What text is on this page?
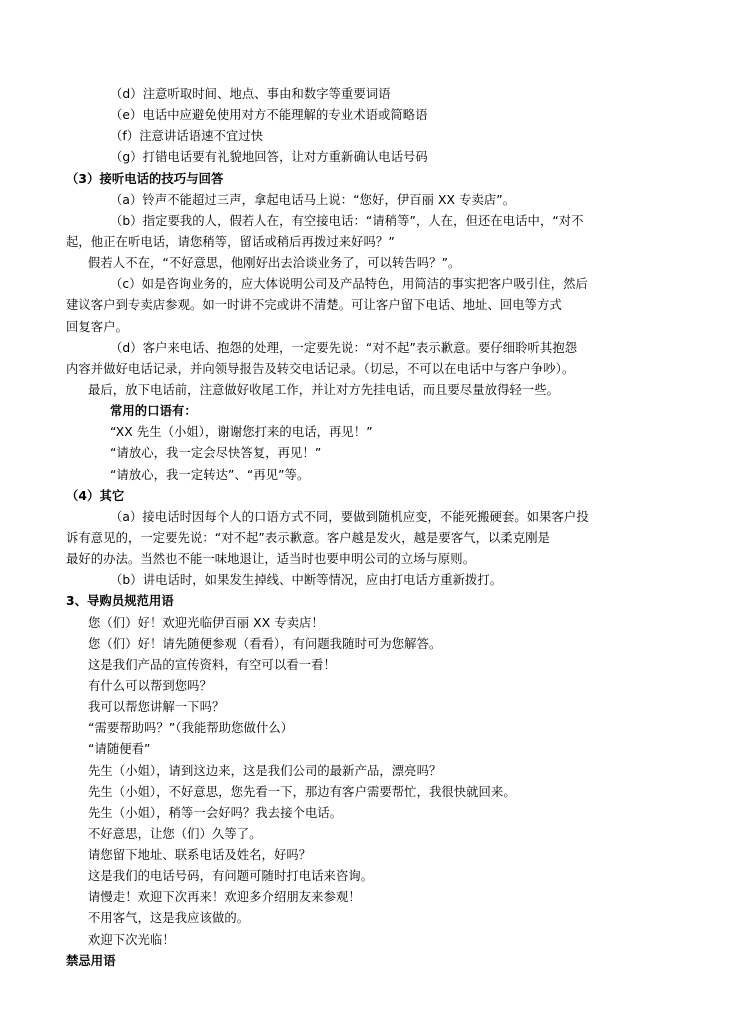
（d）注意听取时间、地点、事由和数字等重要词语
（e）电话中应避免使用对方不能理解的专业术语或简略语
（f）注意讲话语速不宜过快
（g）打错电话要有礼貌地回答，让对方重新确认电话号码
（3）接听电话的技巧与回答
（a）铃声不能超过三声，拿起电话马上说：“您好，伊百丽 XX 专卖店”。
（b）指定要我的人，假若人在，有空接电话：“请稍等”，人在，但还在电话中，“对不
起，他正在听电话，请您稍等，留话或稍后再拨过来好吗？”
假若人不在，“不好意思，他刚好出去洽谈业务了，可以转告吗？”。
（c）如是咨询业务的，应大体说明公司及产品特色，用简洁的事实把客户吸引住，然后
建议客户到专卖店参观。如一时讲不完或讲不清楚。可让客户留下电话、地址、回电等方式
回复客户。
（d）客户来电话、抱怨的处理，一定要先说：“对不起”表示歉意。要仔细聆听其抱怨
内容并做好电话记录，并向领导报告及转交电话记录。（切忌，不可以在电话中与客户争吵）。
最后，放下电话前，注意做好收尾工作，并让对方先挂电话，而且要尽量放得轻一些。
常用的口语有：
“XX 先生（小姐），谢谢您打来的电话，再见！”
“请放心，我一定会尽快答复，再见！”
“请放心，我一定转达”、“再见”等。
（4）其它
（a）接电话时因每个人的口语方式不同，要做到随机应变，不能死搬硬套。如果客户投
诉有意见的，一定要先说：“对不起”表示歉意。客户越是发火，越是要客气，以柔克刚是
最好的办法。当然也不能一味地退让，适当时也要申明公司的立场与原则。
（b）讲电话时，如果发生掉线、中断等情况，应由打电话方重新拨打。
3、导购员规范用语
您（们）好！欢迎光临伊百丽 XX 专卖店！
您（们）好！请先随便参观（看看），有问题我随时可为您解答。
这是我们产品的宣传资料，有空可以看一看！
有什么可以帮到您吗？
我可以帮您讲解一下吗？
“需要帮助吗？”（我能帮助您做什么）
“请随便看”
先生（小姐），请到这边来，这是我们公司的最新产品，漂亮吗？
先生（小姐），不好意思，您先看一下，那边有客户需要帮忙，我很快就回来。
先生（小姐），稍等一会好吗？我去接个电话。
不好意思，让您（们）久等了。
请您留下地址、联系电话及姓名，好吗？
这是我们的电话号码，有问题可随时打电话来咨询。
请慢走！欢迎下次再来！欢迎多介绍朋友来参观！
不用客气，这是我应该做的。
欢迎下次光临！
禁忌用语
